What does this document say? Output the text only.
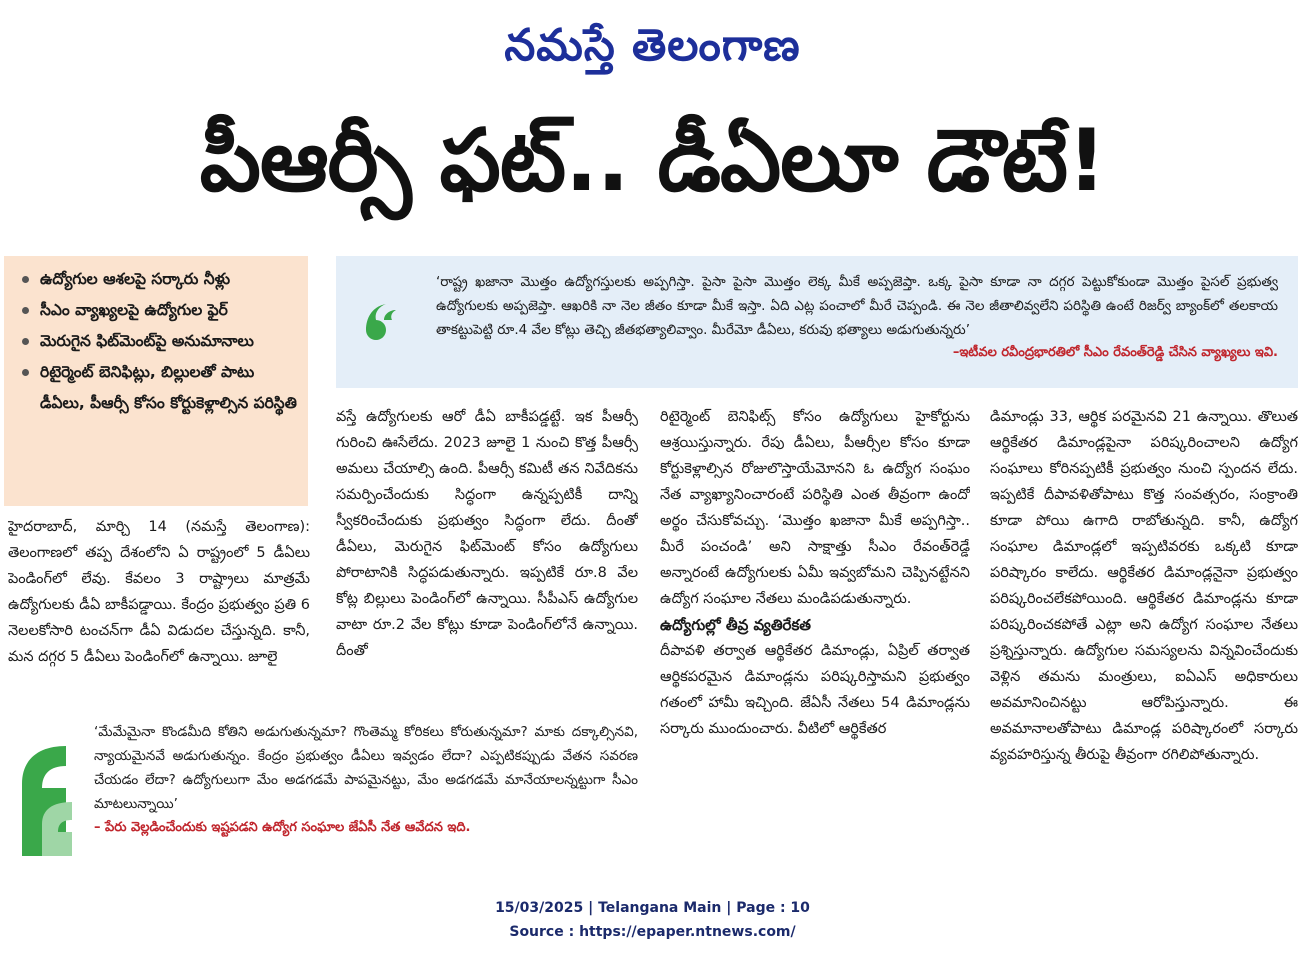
నమస్తే తెలంగాణ
పీఆర్సీ ఫట్.. డీఏలూ డౌటే!
ఉద్యోగుల ఆశలపై సర్కారు నీళ్లు
సీఎం వ్యాఖ్యలపై ఉద్యోగుల ఫైర్
మెరుగైన ఫిట్‌మెంట్‌పై అనుమానాలు
రిటైర్మెంట్ బెనిఫిట్లు, బిల్లులతో పాటు డీఏలు, పీఆర్సీ కోసం కోర్టుకెళ్లాల్సిన పరిస్థితి

‘రాష్ట్ర ఖజానా మొత్తం ఉద్యోగస్తులకు అప్పగిస్తా. పైసా పైసా మొత్తం లెక్క మీకే అప్పజెప్తా. ఒక్క పైసా కూడా నా దగ్గర పెట్టుకోకుండా మొత్తం పైసల్ ప్రభుత్వ ఉద్యోగులకు అప్పజెప్తా. ఆఖరికి నా నెల జీతం కూడా మీకే ఇస్తా. ఏది ఎట్ల పంచాలో మీరే చెప్పండి. ఈ నెల జీతాలివ్వలేని పరిస్థితి ఉంటే రిజర్వ్ బ్యాంక్‌లో తలకాయ తాకట్టుపెట్టి రూ.4 వేల కోట్లు తెచ్చి జీతభత్యాలివ్వాం. మీరేమో డీఏలు, కరువు భత్యాలు అడుగుతున్నరు’

–ఇటీవల రవీంద్రభారతిలో సీఎం రేవంత్‌రెడ్డి చేసిన వ్యాఖ్యలు ఇవి.

హైదరాబాద్, మార్చి 14 (నమస్తే తెలంగాణ): తెలంగాణలో తప్ప దేశంలోని ఏ రాష్ట్రంలో 5 డీఏలు పెండింగ్‌లో లేవు. కేవలం 3 రాష్ట్రాలు మాత్రమే ఉద్యోగులకు డీఏ బాకీపడ్డాయి. కేంద్రం ప్రభుత్వం ప్రతి 6 నెలలకోసారి టంచన్‌గా డీఏ విడుదల చేస్తున్నది. కానీ, మన దగ్గర 5 డీఏలు పెండింగ్‌లో ఉన్నాయి. జూలై

వస్తే ఉద్యోగులకు ఆరో డీఏ బాకీపడ్డట్టే. ఇక పీఆర్సీ గురించి ఊసేలేదు. 2023 జూలై 1 నుంచి కొత్త పీఆర్సీ అమలు చేయాల్సి ఉంది. పీఆర్సీ కమిటీ తన నివేదికను సమర్పించేందుకు సిద్ధంగా ఉన్నప్పటికీ దాన్ని స్వీకరించేందుకు ప్రభుత్వం సిద్ధంగా లేదు. దీంతో డీఏలు, మెరుగైన ఫిట్‌మెంట్ కోసం ఉద్యోగులు పోరాటానికి సిద్ధపడుతున్నారు. ఇప్పటికే రూ.8 వేల కోట్ల బిల్లులు పెండింగ్‌లో ఉన్నాయి. సీపీఎస్ ఉద్యోగుల వాటా రూ.2 వేల కోట్లు కూడా పెండింగ్‌లోనే ఉన్నాయి. దీంతో

రిటైర్మెంట్ బెనిఫిట్స్ కోసం ఉద్యోగులు హైకోర్టును ఆశ్రయిస్తున్నారు. రేపు డీఏలు, పీఆర్సీల కోసం కూడా కోర్టుకెళ్లాల్సిన రోజులొస్తాయేమోనని ఓ ఉద్యోగ సంఘం నేత వ్యాఖ్యానించారంటే పరిస్థితి ఎంత తీవ్రంగా ఉందో అర్థం చేసుకోవచ్చు. ‘మొత్తం ఖజానా మీకే అప్పగిస్తా.. మీరే పంచండి’ అని సాక్షాత్తు సీఎం రేవంత్‌రెడ్డే అన్నారంటే ఉద్యోగులకు ఏమీ ఇవ్వబోమని చెప్పినట్టేనని ఉద్యోగ సంఘాల నేతలు మండిపడుతున్నారు.

ఉద్యోగుల్లో తీవ్ర వ్యతిరేకత

దీపావళి తర్వాత ఆర్థికేతర డిమాండ్లు, ఏప్రిల్ తర్వాత ఆర్థికపరమైన డిమాండ్లను పరిష్కరిస్తామని ప్రభుత్వం గతంలో హామీ ఇచ్చింది. జేఏసీ నేతలు 54 డిమాండ్లను సర్కారు ముందుంచారు. వీటిలో ఆర్థికేతర

డిమాండ్లు 33, ఆర్థిక పరమైనవి 21 ఉన్నాయి. తొలుత ఆర్థికేతర డిమాండ్లపైనా పరిష్కరించాలని ఉద్యోగ సంఘాలు కోరినప్పటికీ ప్రభుత్వం నుంచి స్పందన లేదు. ఇప్పటికే దీపావళితోపాటు కొత్త సంవత్సరం, సంక్రాంతి కూడా పోయి ఉగాది రాబోతున్నది. కానీ, ఉద్యోగ సంఘాల డిమాండ్లలో ఇప్పటివరకు ఒక్కటి కూడా పరిష్కారం కాలేదు. ఆర్థికేతర డిమాండ్లనైనా ప్రభుత్వం పరిష్కరించలేకపోయింది. ఆర్థికేతర డిమాండ్లను కూడా పరిష్కరించకపోతే ఎట్లా అని ఉద్యోగ సంఘాల నేతలు ప్రశ్నిస్తున్నారు. ఉద్యోగుల సమస్యలను విన్నవించేందుకు వెళ్లిన తమను మంత్రులు, ఐఏఎస్ అధికారులు అవమానించినట్టు ఆరోపిస్తున్నారు. ఈ అవమానాలతోపాటు డిమాండ్ల పరిష్కారంలో సర్కారు వ్యవహరిస్తున్న తీరుపై తీవ్రంగా రగిలిపోతున్నారు.

‘మేమేమైనా కొండమీది కోతిని అడుగుతున్నమా? గొంతెమ్మ కోరికలు కోరుతున్నమా? మాకు దక్కాల్సినవి, న్యాయమైనవే అడుగుతున్నం. కేంద్రం ప్రభుత్వం డీఏలు ఇవ్వడం లేదా? ఎప్పటికప్పుడు వేతన సవరణ చేయడం లేదా? ఉద్యోగులుగా మేం అడగడమే పాపమైనట్టు, మేం అడగడమే మానేయాలన్నట్టుగా సీఎం మాటలున్నాయి’

– పేరు వెల్లడించేందుకు ఇష్టపడని ఉద్యోగ సంఘాల జేఏసీ నేత ఆవేదన ఇది.

15/03/2025 | Telangana Main | Page : 10
Source : https://epaper.ntnews.com/
